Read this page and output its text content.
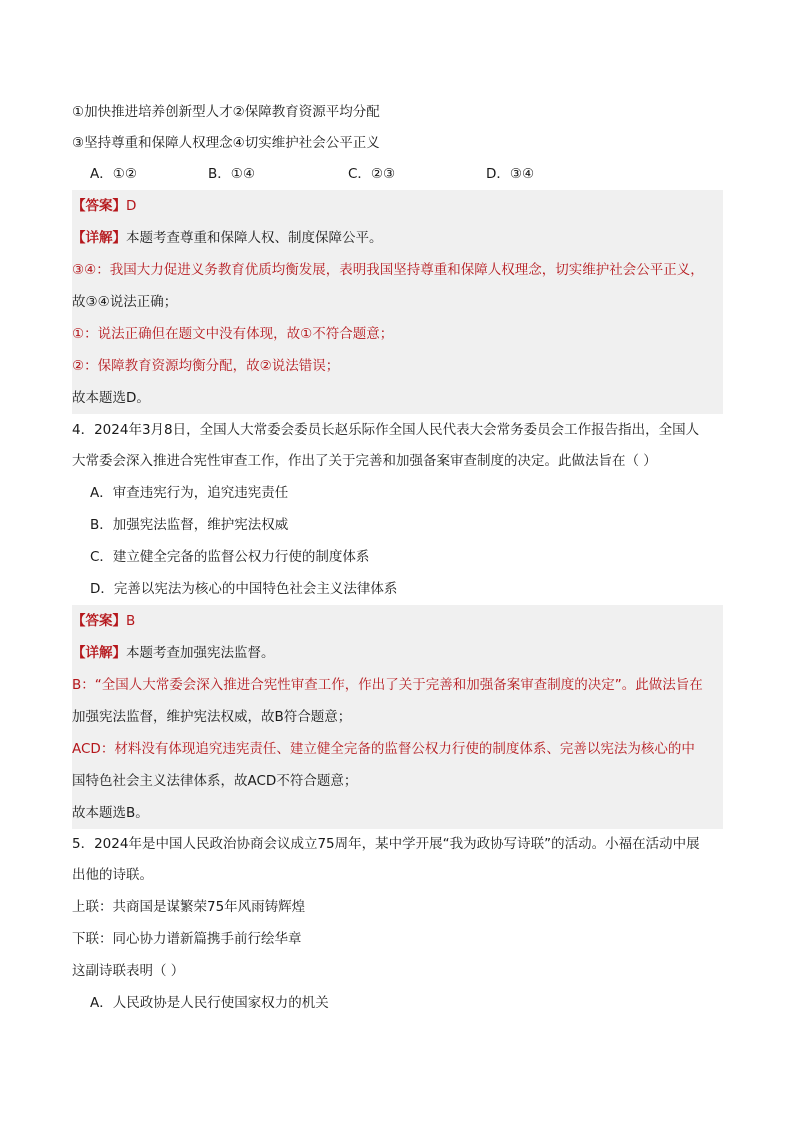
①加快推进培养创新型人才②保障教育资源平均分配
③坚持尊重和保障人权理念④切实维护社会公平正义
A．①②	B．①④	C．②③	D．③④
【答案】D
【详解】本题考查尊重和保障人权、制度保障公平。
③④：我国大力促进义务教育优质均衡发展，表明我国坚持尊重和保障人权理念，切实维护社会公平正义，
故③④说法正确；
①：说法正确但在题文中没有体现，故①不符合题意；
②：保障教育资源均衡分配，故②说法错误；
故本题选D。
4．2024年3月8日，全国人大常委会委员长赵乐际作全国人民代表大会常务委员会工作报告指出，全国人
大常委会深入推进合宪性审查工作，作出了关于完善和加强备案审查制度的决定。此做法旨在（ ）
A．审查违宪行为，追究违宪责任
B．加强宪法监督，维护宪法权威
C．建立健全完备的监督公权力行使的制度体系
D．完善以宪法为核心的中国特色社会主义法律体系
【答案】B
【详解】本题考查加强宪法监督。
B：“全国人大常委会深入推进合宪性审查工作，作出了关于完善和加强备案审查制度的决定”。此做法旨在
加强宪法监督，维护宪法权威，故B符合题意；
ACD：材料没有体现追究违宪责任、建立健全完备的监督公权力行使的制度体系、完善以宪法为核心的中
国特色社会主义法律体系，故ACD不符合题意；
故本题选B。
5．2024年是中国人民政治协商会议成立75周年，某中学开展“我为政协写诗联”的活动。小福在活动中展
出他的诗联。
上联：共商国是谋繁荣75年风雨铸辉煌
下联：同心协力谱新篇携手前行绘华章
这副诗联表明（ ）
A．人民政协是人民行使国家权力的机关
